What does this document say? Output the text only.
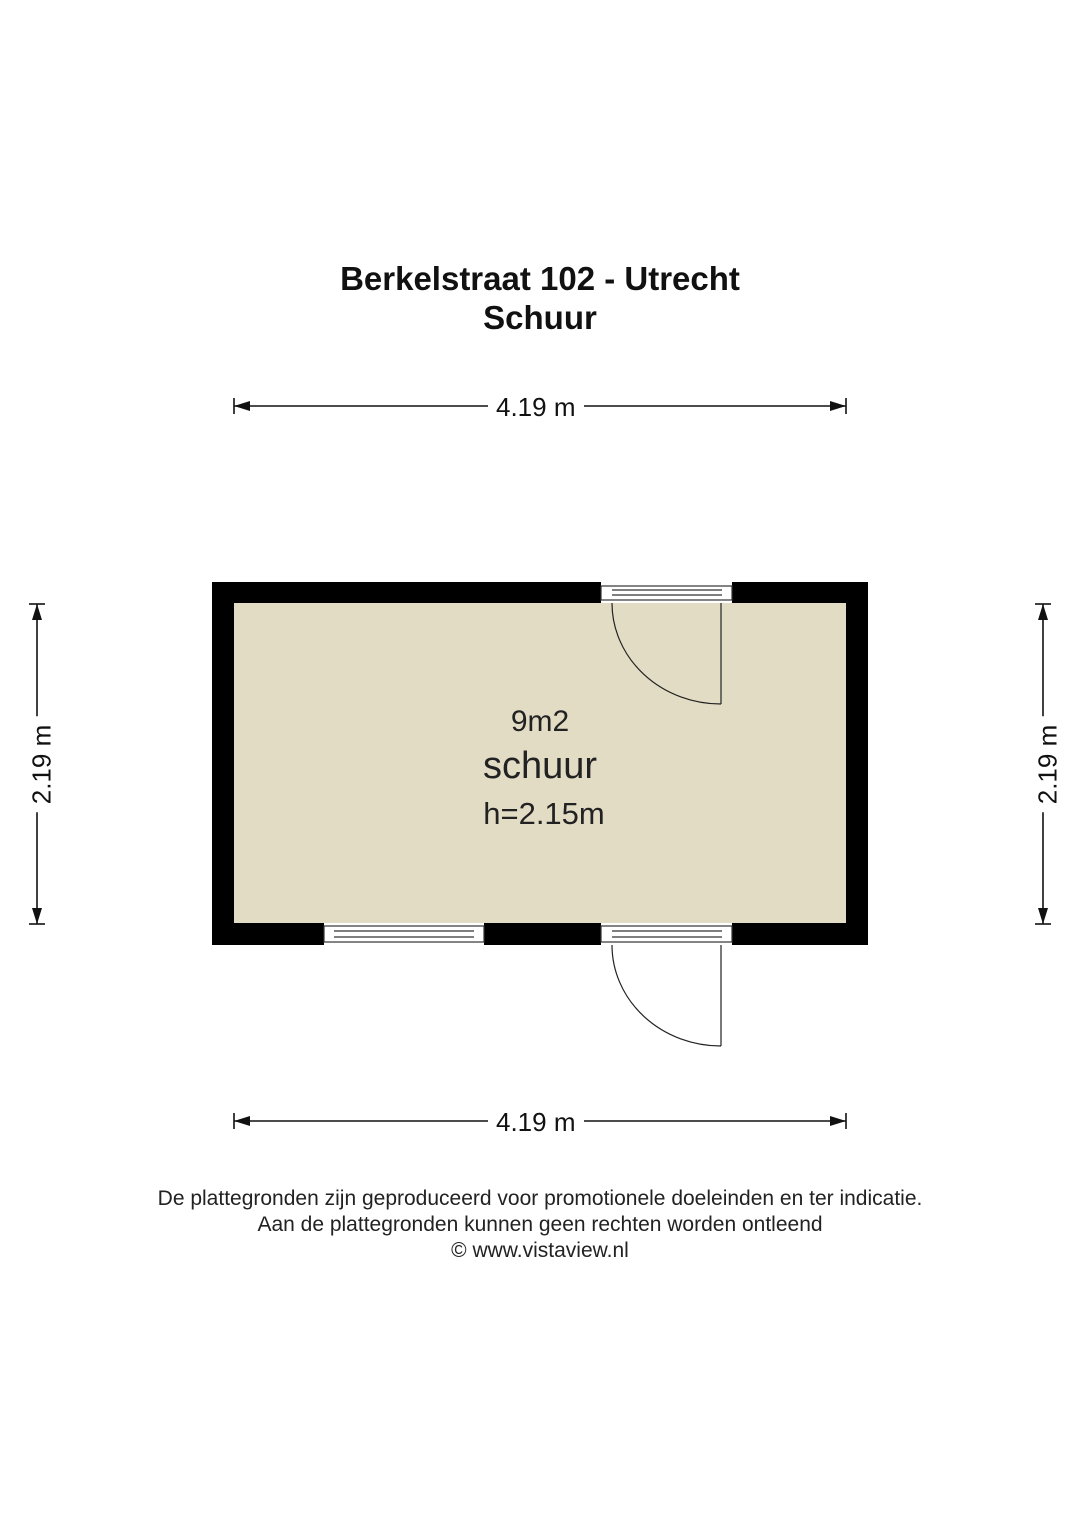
Berkelstraat 102 - Utrecht
Schuur
4.19 m
4.19 m
2.19 m	2.19 m
9m2
schuur
h=2.15m
De plattegronden zijn geproduceerd voor promotionele doeleinden en ter indicatie.
Aan de plattegronden kunnen geen rechten worden ontleend
© www.vistaview.nl
